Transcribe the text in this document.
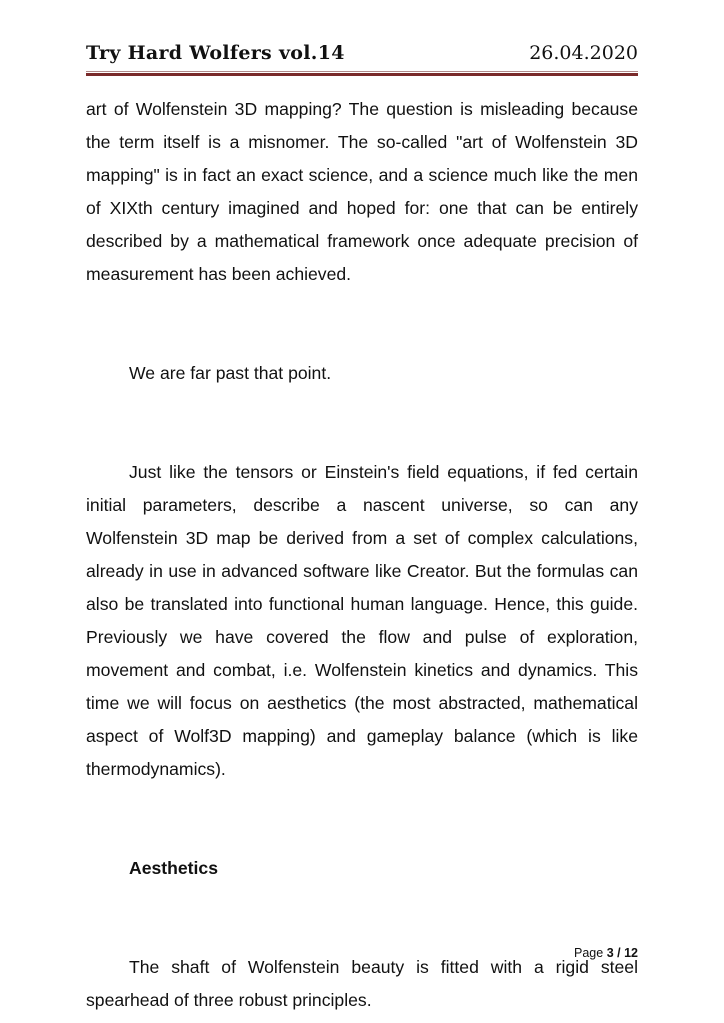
Try Hard Wolfers vol.14	26.04.2020

art of Wolfenstein 3D mapping? The question is misleading because the term itself is a misnomer. The so-called "art of Wolfenstein 3D mapping" is in fact an exact science, and a science much like the men of XIXth century imagined and hoped for: one that can be entirely described by a mathematical framework once adequate precision of measurement has been achieved.

We are far past that point.

Just like the tensors or Einstein's field equations, if fed certain initial parameters, describe a nascent universe, so can any Wolfenstein 3D map be derived from a set of complex calculations, already in use in advanced software like Creator. But the formulas can also be translated into functional human language. Hence, this guide. Previously we have covered the flow and pulse of exploration, movement and combat, i.e. Wolfenstein kinetics and dynamics. This time we will focus on aesthetics (the most abstracted, mathematical aspect of Wolf3D mapping) and gameplay balance (which is like thermodynamics).

Aesthetics

The shaft of Wolfenstein beauty is fitted with a rigid steel spearhead of three robust principles.

Page 3 / 12
